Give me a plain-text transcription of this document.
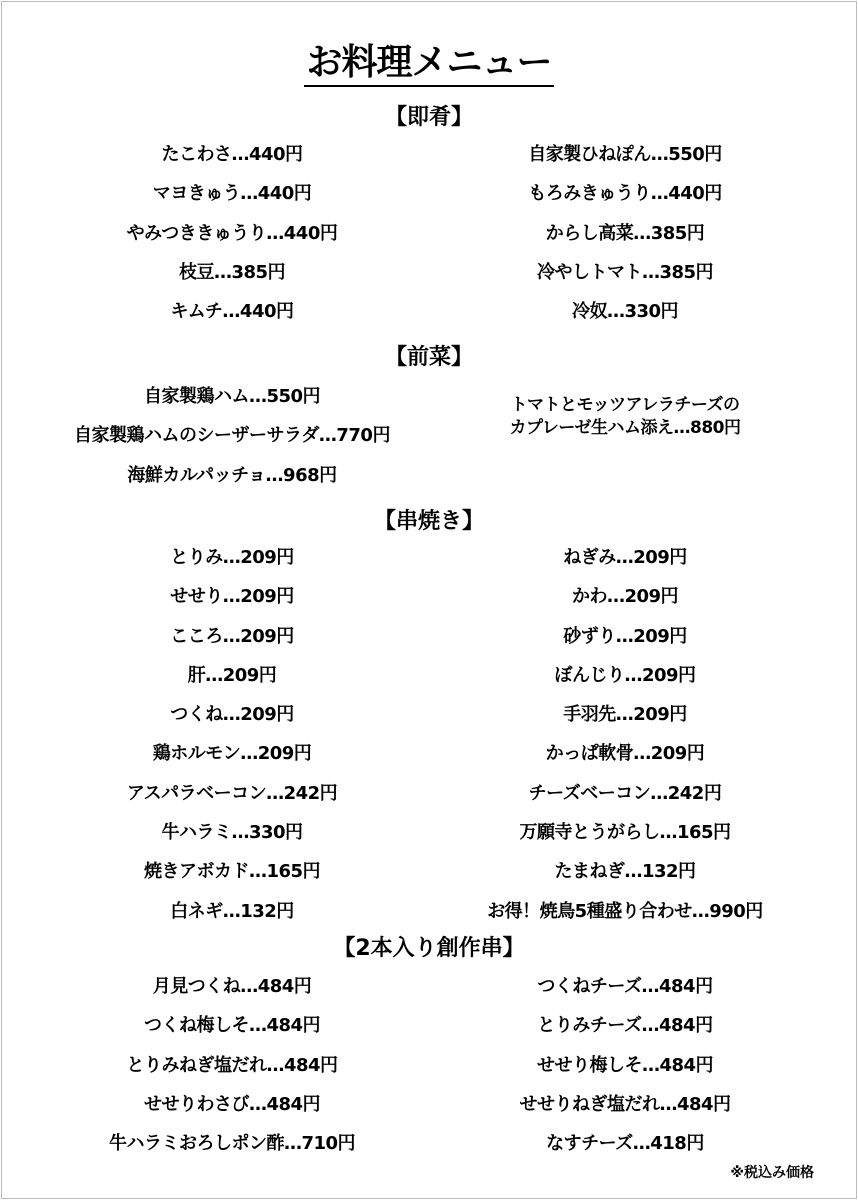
お料理メニュー
【即肴】
たこわさ…440円
マヨきゅう…440円
やみつききゅうり…440円
枝豆…385円
キムチ…440円
自家製ひねぽん…550円
もろみきゅうり…440円
からし高菜…385円
冷やしトマト…385円
冷奴…330円
【前菜】
自家製鶏ハム…550円
自家製鶏ハムのシーザーサラダ…770円
海鮮カルパッチョ…968円
トマトとモッツアレラチーズの
カプレーゼ生ハム添え…880円
【串焼き】
とりみ…209円
せせり…209円
こころ…209円
肝…209円
つくね…209円
鶏ホルモン…209円
アスパラベーコン…242円
牛ハラミ…330円
焼きアボカド…165円
白ネギ…132円
ねぎみ…209円
かわ…209円
砂ずり…209円
ぼんじり…209円
手羽先…209円
かっぱ軟骨…209円
チーズベーコン…242円
万願寺とうがらし…165円
たまねぎ…132円
お得！焼鳥5種盛り合わせ…990円
【2本入り創作串】
月見つくね…484円
つくね梅しそ…484円
とりみねぎ塩だれ…484円
せせりわさび…484円
牛ハラミおろしポン酢…710円
つくねチーズ…484円
とりみチーズ…484円
せせり梅しそ…484円
せせりねぎ塩だれ…484円
なすチーズ…418円
※税込み価格
